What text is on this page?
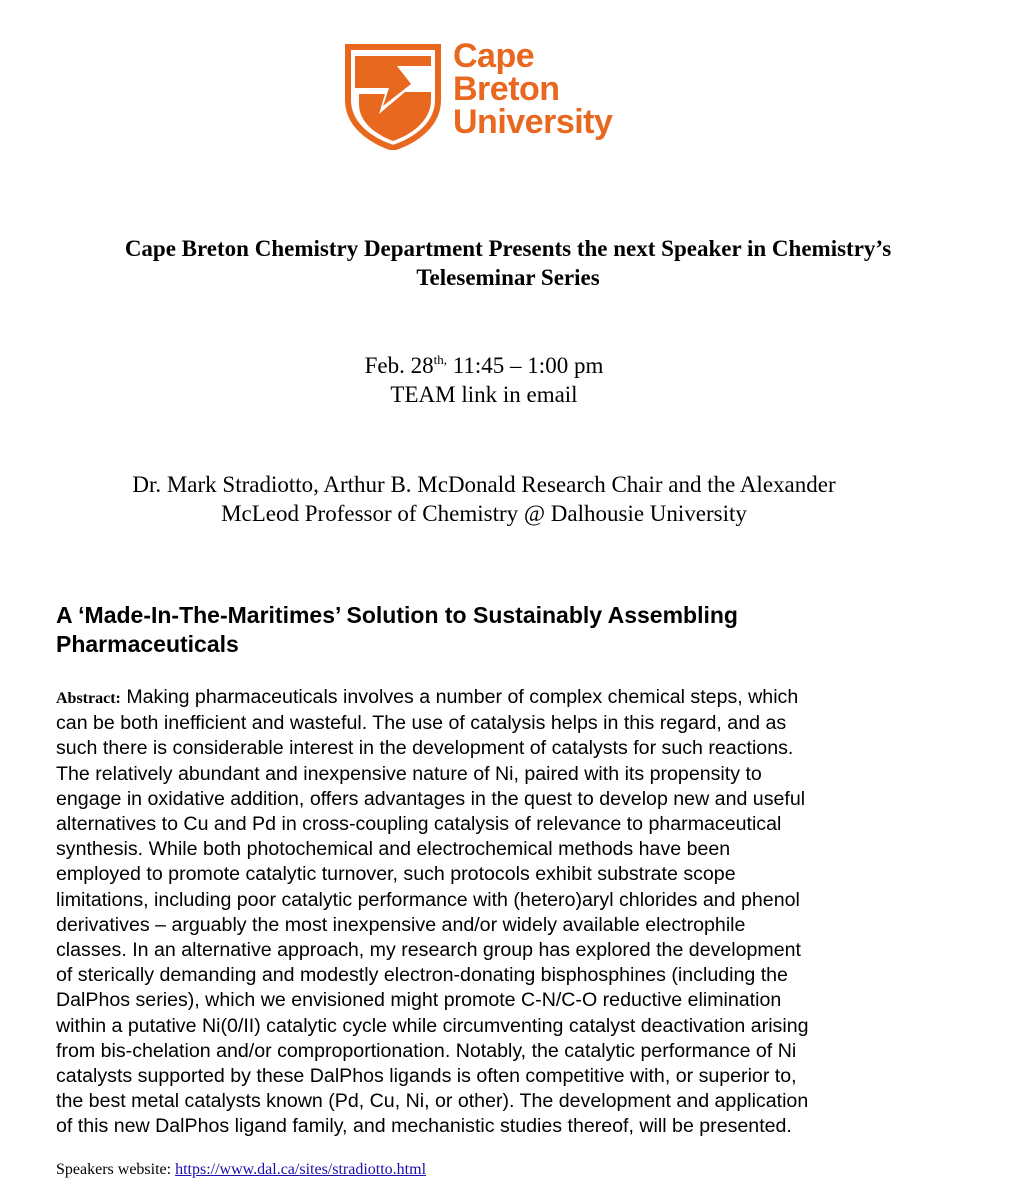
Cape
Breton
University
Cape Breton Chemistry Department Presents the next Speaker in Chemistry’s
Teleseminar Series
Feb. $28^{th,}$ 11:45 – 1:00 pm
TEAM link in email
Dr. Mark Stradiotto, Arthur B. McDonald Research Chair and the Alexander
McLeod Professor of Chemistry @ Dalhousie University
A ‘Made-In-The-Maritimes’ Solution to Sustainably Assembling
Pharmaceuticals
Abstract: Making pharmaceuticals involves a number of complex chemical steps, which
can be both inefficient and wasteful. The use of catalysis helps in this regard, and as
such there is considerable interest in the development of catalysts for such reactions.
The relatively abundant and inexpensive nature of Ni, paired with its propensity to
engage in oxidative addition, offers advantages in the quest to develop new and useful
alternatives to Cu and Pd in cross-coupling catalysis of relevance to pharmaceutical
synthesis. While both photochemical and electrochemical methods have been
employed to promote catalytic turnover, such protocols exhibit substrate scope
limitations, including poor catalytic performance with (hetero)aryl chlorides and phenol
derivatives – arguably the most inexpensive and/or widely available electrophile
classes. In an alternative approach, my research group has explored the development
of sterically demanding and modestly electron-donating bisphosphines (including the
DalPhos series), which we envisioned might promote C-N/C-O reductive elimination
within a putative Ni(0/II) catalytic cycle while circumventing catalyst deactivation arising
from bis-chelation and/or comproportionation. Notably, the catalytic performance of Ni
catalysts supported by these DalPhos ligands is often competitive with, or superior to,
the best metal catalysts known (Pd, Cu, Ni, or other). The development and application
of this new DalPhos ligand family, and mechanistic studies thereof, will be presented.
Speakers website: https://www.dal.ca/sites/stradiotto.html
